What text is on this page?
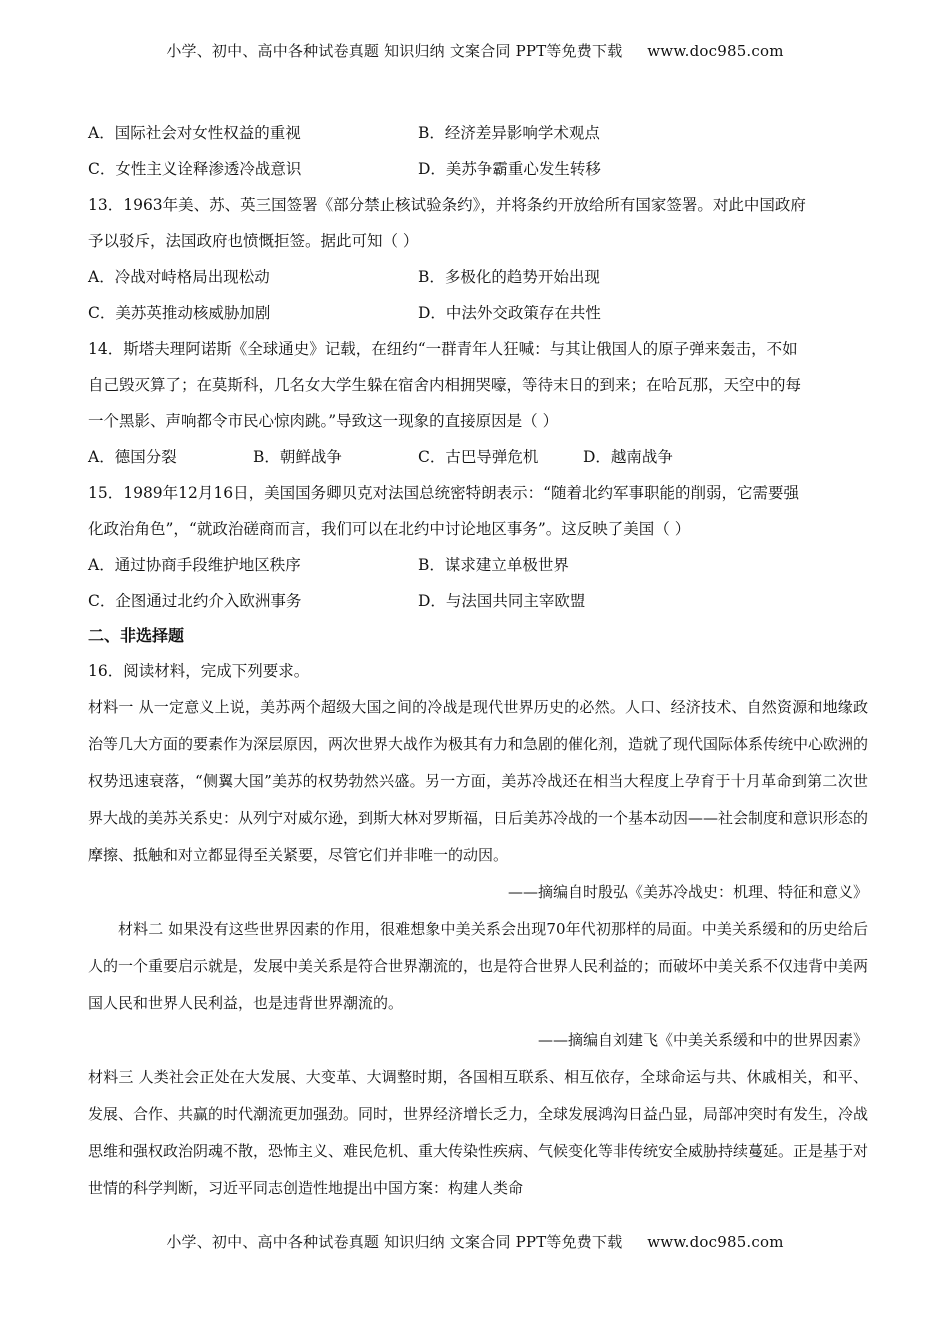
小学、初中、高中各种试卷真题 知识归纳 文案合同 PPT等免费下载 www.doc985.com
A．国际社会对女性权益的重视	B．经济差异影响学术观点
C．女性主义诠释渗透冷战意识	D．美苏争霸重心发生转移
13．1963年美、苏、英三国签署《部分禁止核试验条约》，并将条约开放给所有国家签署。对此中国政府
予以驳斥，法国政府也愤慨拒签。据此可知（ ）
A．冷战对峙格局出现松动	B．多极化的趋势开始出现
C．美苏英推动核威胁加剧	D．中法外交政策存在共性
14．斯塔夫理阿诺斯《全球通史》记载，在纽约“一群青年人狂喊：与其让俄国人的原子弹来轰击，不如
自己毁灭算了；在莫斯科，几名女大学生躲在宿舍内相拥哭嚎，等待末日的到来；在哈瓦那，天空中的每
一个黑影、声响都令市民心惊肉跳。”导致这一现象的直接原因是（ ）
A．德国分裂	B．朝鲜战争	C．古巴导弹危机	D．越南战争
15．1989年12月16日，美国国务卿贝克对法国总统密特朗表示：“随着北约军事职能的削弱，它需要强
化政治角色”，“就政治磋商而言，我们可以在北约中讨论地区事务”。这反映了美国（ ）
A．通过协商手段维护地区秩序	B．谋求建立单极世界
C．企图通过北约介入欧洲事务	D．与法国共同主宰欧盟
二、非选择题
16．阅读材料，完成下列要求。

材料一 从一定意义上说，美苏两个超级大国之间的冷战是现代世界历史的必然。人口、经济技术、自然资源和地缘政治等几大方面的要素作为深层原因，两次世界大战作为极其有力和急剧的催化剂，造就了现代国际体系传统中心欧洲的权势迅速衰落，“侧翼大国”美苏的权势勃然兴盛。另一方面，美苏冷战还在相当大程度上孕育于十月革命到第二次世界大战的美苏关系史：从列宁对威尔逊，到斯大林对罗斯福，日后美苏冷战的一个基本动因——社会制度和意识形态的摩擦、抵触和对立都显得至关紧要，尽管它们并非唯一的动因。

——摘编自时殷弘《美苏冷战史：机理、特征和意义》

材料二 如果没有这些世界因素的作用，很难想象中美关系会出现70年代初那样的局面。中美关系缓和的历史给后人的一个重要启示就是，发展中美关系是符合世界潮流的，也是符合世界人民利益的；而破坏中美关系不仅违背中美两国人民和世界人民利益，也是违背世界潮流的。

——摘编自刘建飞《中美关系缓和中的世界因素》

材料三 人类社会正处在大发展、大变革、大调整时期，各国相互联系、相互依存，全球命运与共、休戚相关，和平、发展、合作、共赢的时代潮流更加强劲。同时，世界经济增长乏力，全球发展鸿沟日益凸显，局部冲突时有发生，冷战思维和强权政治阴魂不散，恐怖主义、难民危机、重大传染性疾病、气候变化等非传统安全威胁持续蔓延。正是基于对世情的科学判断，习近平同志创造性地提出中国方案：构建人类命

小学、初中、高中各种试卷真题 知识归纳 文案合同 PPT等免费下载 www.doc985.com
